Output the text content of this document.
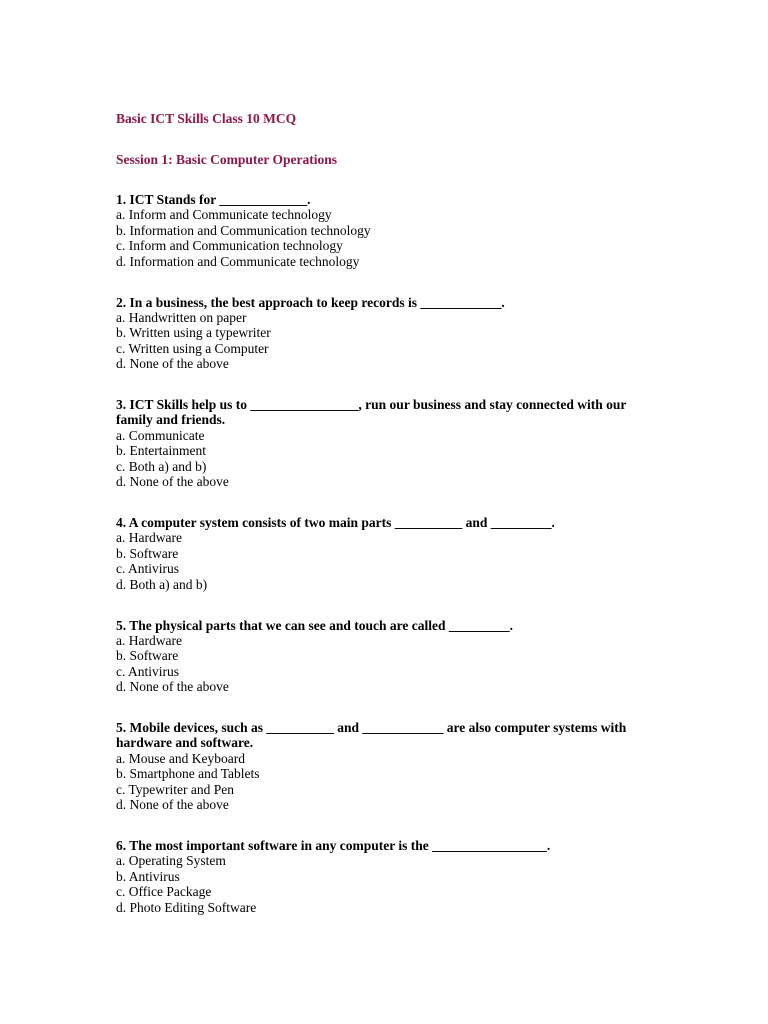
Basic ICT Skills Class 10 MCQ

Session 1: Basic Computer Operations

1. ICT Stands for _____________.

a. Inform and Communicate technology
b. Information and Communication technology
c. Inform and Communication technology
d. Information and Communicate technology

2. In a business, the best approach to keep records is ____________.

a. Handwritten on paper
b. Written using a typewriter
c. Written using a Computer
d. None of the above

3. ICT Skills help us to ________________, run our business and stay connected with our family and friends.

a. Communicate
b. Entertainment
c. Both a) and b)
d. None of the above

4. A computer system consists of two main parts __________ and _________.

a. Hardware
b. Software
c. Antivirus
d. Both a) and b)

5. The physical parts that we can see and touch are called _________.

a. Hardware
b. Software
c. Antivirus
d. None of the above

5. Mobile devices, such as __________ and ____________ are also computer systems with hardware and software.

a. Mouse and Keyboard
b. Smartphone and Tablets
c. Typewriter and Pen
d. None of the above

6. The most important software in any computer is the _________________.

a. Operating System
b. Antivirus
c. Office Package
d. Photo Editing Software
